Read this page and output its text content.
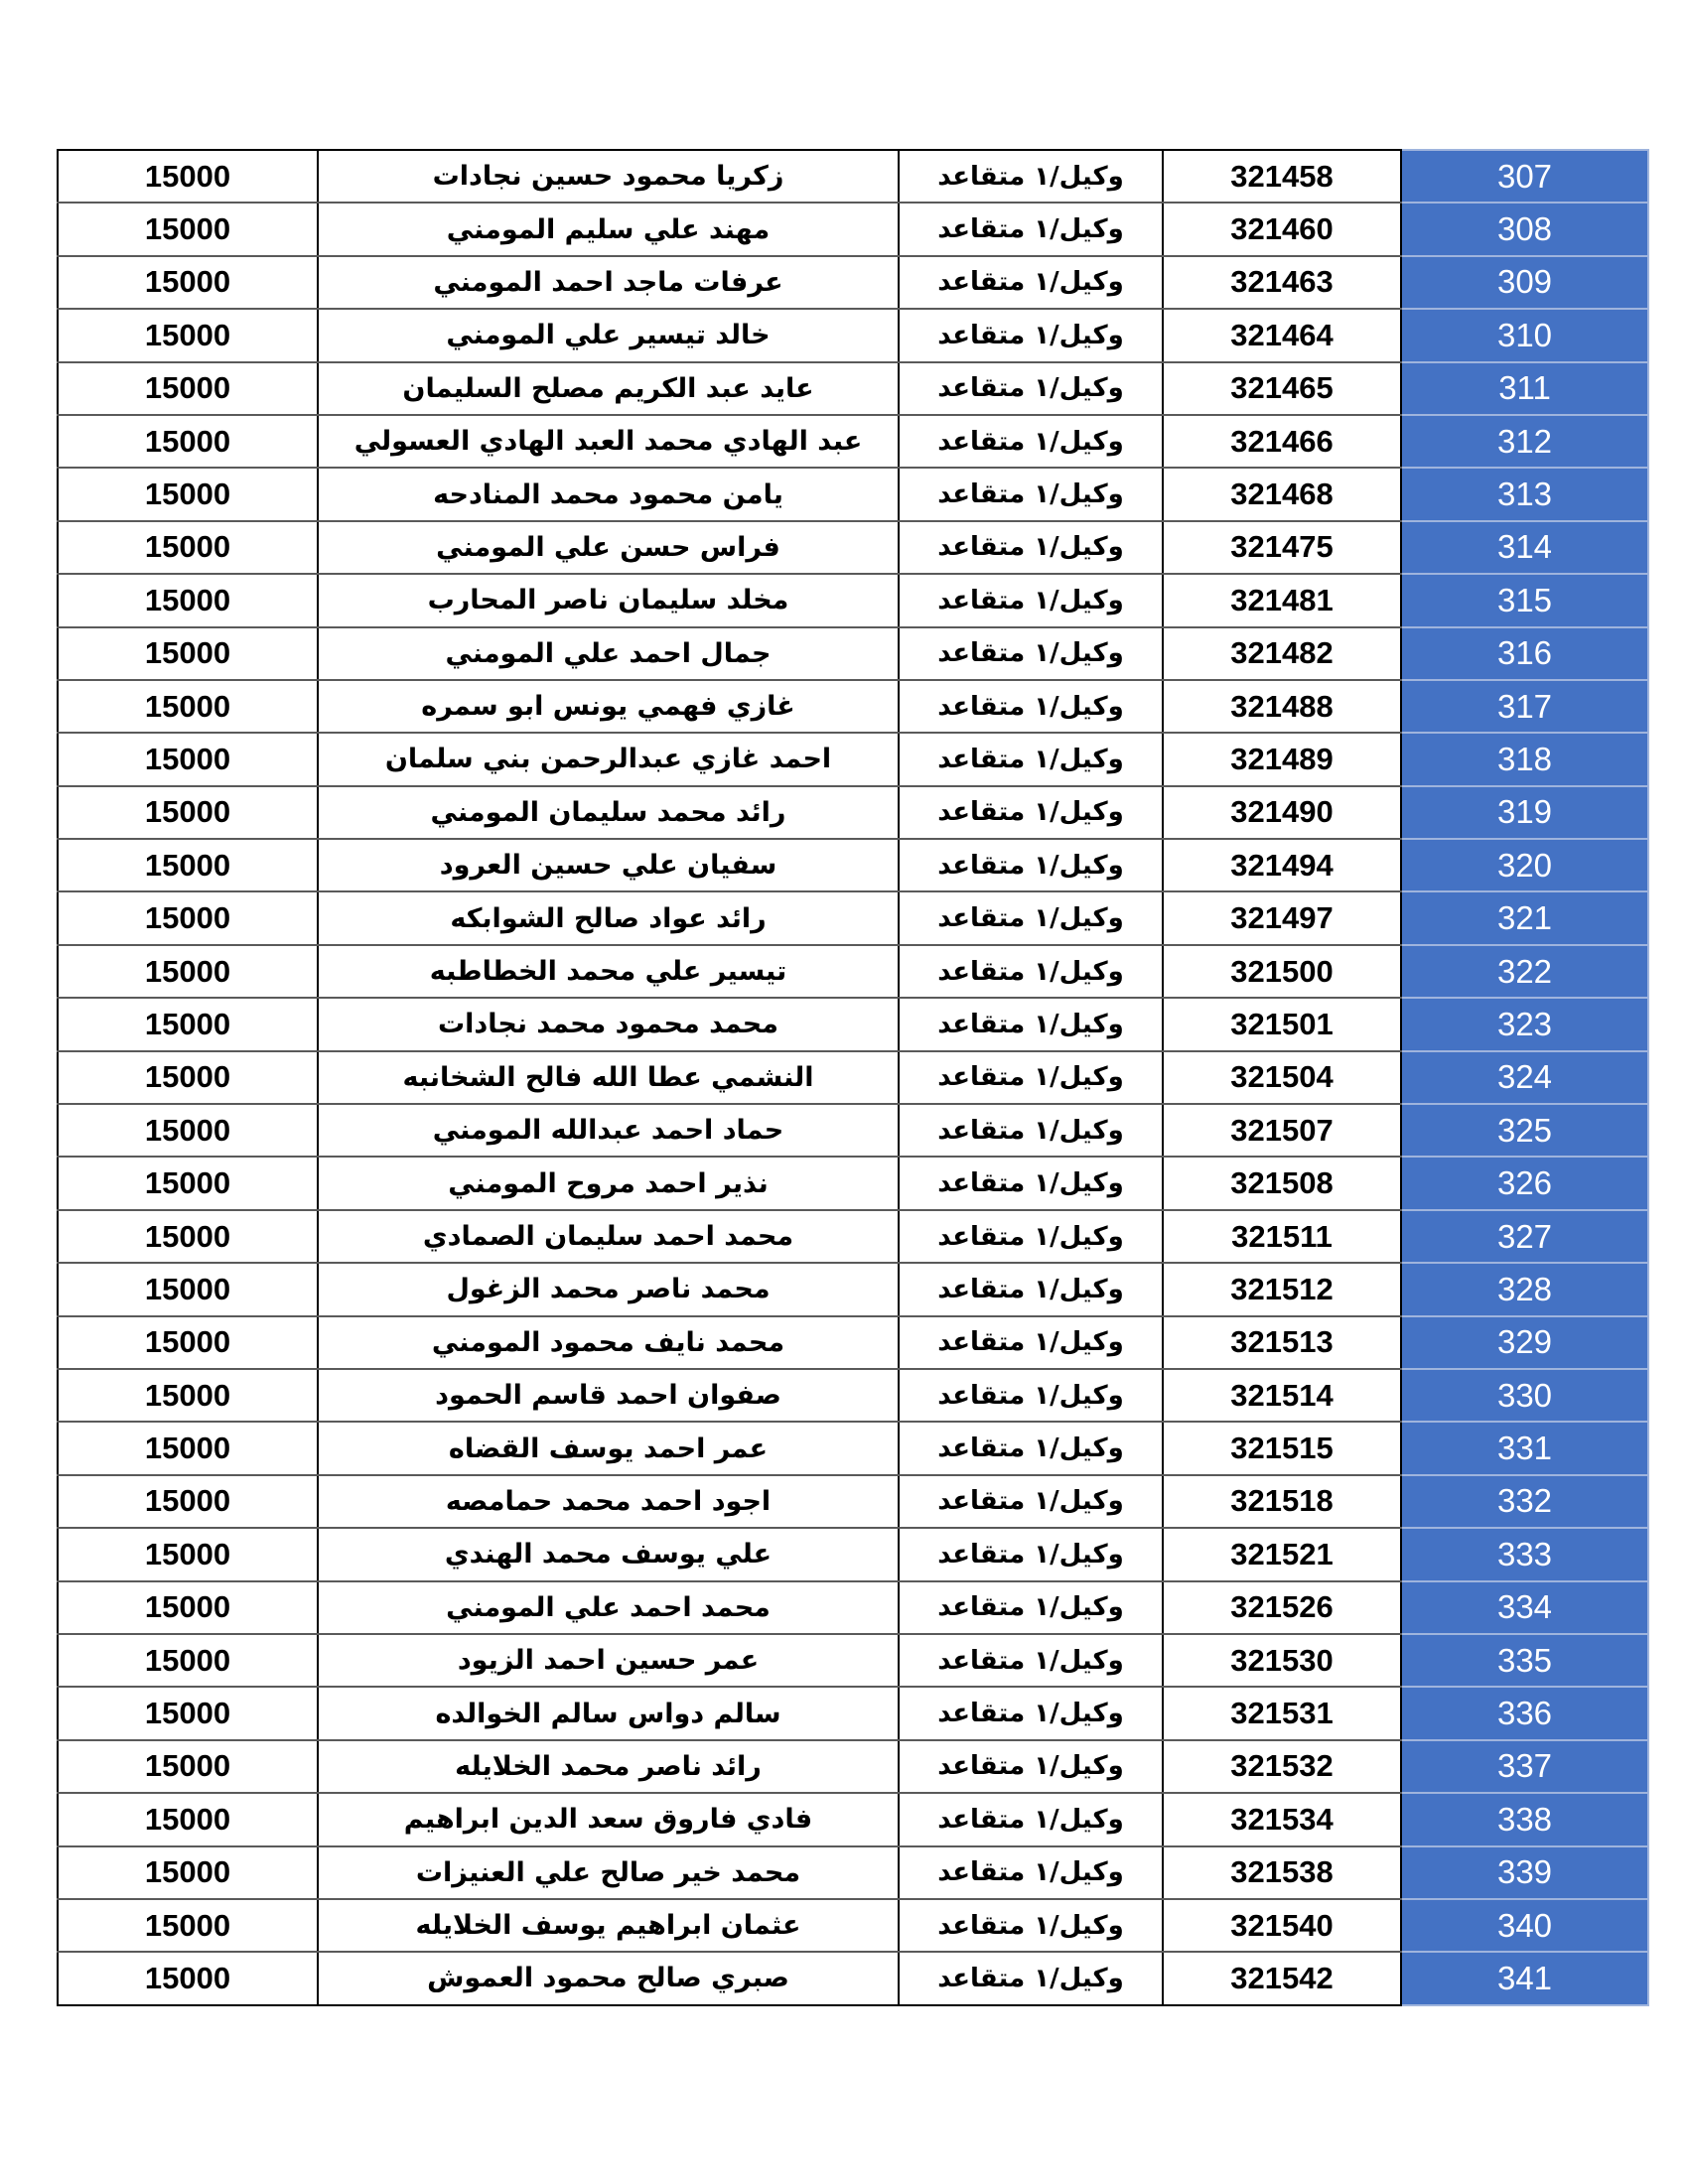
15000	زكريا محمود حسين نجادات	وكيل/١ متقاعد	321458	307
15000	مهند علي سليم المومني	وكيل/١ متقاعد	321460	308
15000	عرفات ماجد احمد المومني	وكيل/١ متقاعد	321463	309
15000	خالد تيسير علي المومني	وكيل/١ متقاعد	321464	310
15000	عايد عبد الكريم مصلح السليمان	وكيل/١ متقاعد	321465	311
15000	عبد الهادي محمد العبد الهادي العسولي	وكيل/١ متقاعد	321466	312
15000	يامن محمود محمد المنادحه	وكيل/١ متقاعد	321468	313
15000	فراس حسن علي المومني	وكيل/١ متقاعد	321475	314
15000	مخلد سليمان ناصر المحارب	وكيل/١ متقاعد	321481	315
15000	جمال احمد علي المومني	وكيل/١ متقاعد	321482	316
15000	غازي فهمي يونس ابو سمره	وكيل/١ متقاعد	321488	317
15000	احمد غازي عبدالرحمن بني سلمان	وكيل/١ متقاعد	321489	318
15000	رائد محمد سليمان المومني	وكيل/١ متقاعد	321490	319
15000	سفيان علي حسين العرود	وكيل/١ متقاعد	321494	320
15000	رائد عواد صالح الشوابكه	وكيل/١ متقاعد	321497	321
15000	تيسير علي محمد الخطاطبه	وكيل/١ متقاعد	321500	322
15000	محمد محمود محمد نجادات	وكيل/١ متقاعد	321501	323
15000	النشمي عطا الله فالح الشخانبه	وكيل/١ متقاعد	321504	324
15000	حماد احمد عبدالله المومني	وكيل/١ متقاعد	321507	325
15000	نذير احمد مروح المومني	وكيل/١ متقاعد	321508	326
15000	محمد احمد سليمان الصمادي	وكيل/١ متقاعد	321511	327
15000	محمد ناصر محمد الزغول	وكيل/١ متقاعد	321512	328
15000	محمد نايف محمود المومني	وكيل/١ متقاعد	321513	329
15000	صفوان احمد قاسم الحمود	وكيل/١ متقاعد	321514	330
15000	عمر احمد يوسف القضاه	وكيل/١ متقاعد	321515	331
15000	اجود احمد محمد حمامصه	وكيل/١ متقاعد	321518	332
15000	علي يوسف محمد الهندي	وكيل/١ متقاعد	321521	333
15000	محمد احمد علي المومني	وكيل/١ متقاعد	321526	334
15000	عمر حسين احمد الزيود	وكيل/١ متقاعد	321530	335
15000	سالم دواس سالم الخوالده	وكيل/١ متقاعد	321531	336
15000	رائد ناصر محمد الخلايله	وكيل/١ متقاعد	321532	337
15000	فادي فاروق سعد الدين ابراهيم	وكيل/١ متقاعد	321534	338
15000	محمد خير صالح علي العنيزات	وكيل/١ متقاعد	321538	339
15000	عثمان ابراهيم يوسف الخلايله	وكيل/١ متقاعد	321540	340
15000	صبري صالح محمود العموش	وكيل/١ متقاعد	321542	341
